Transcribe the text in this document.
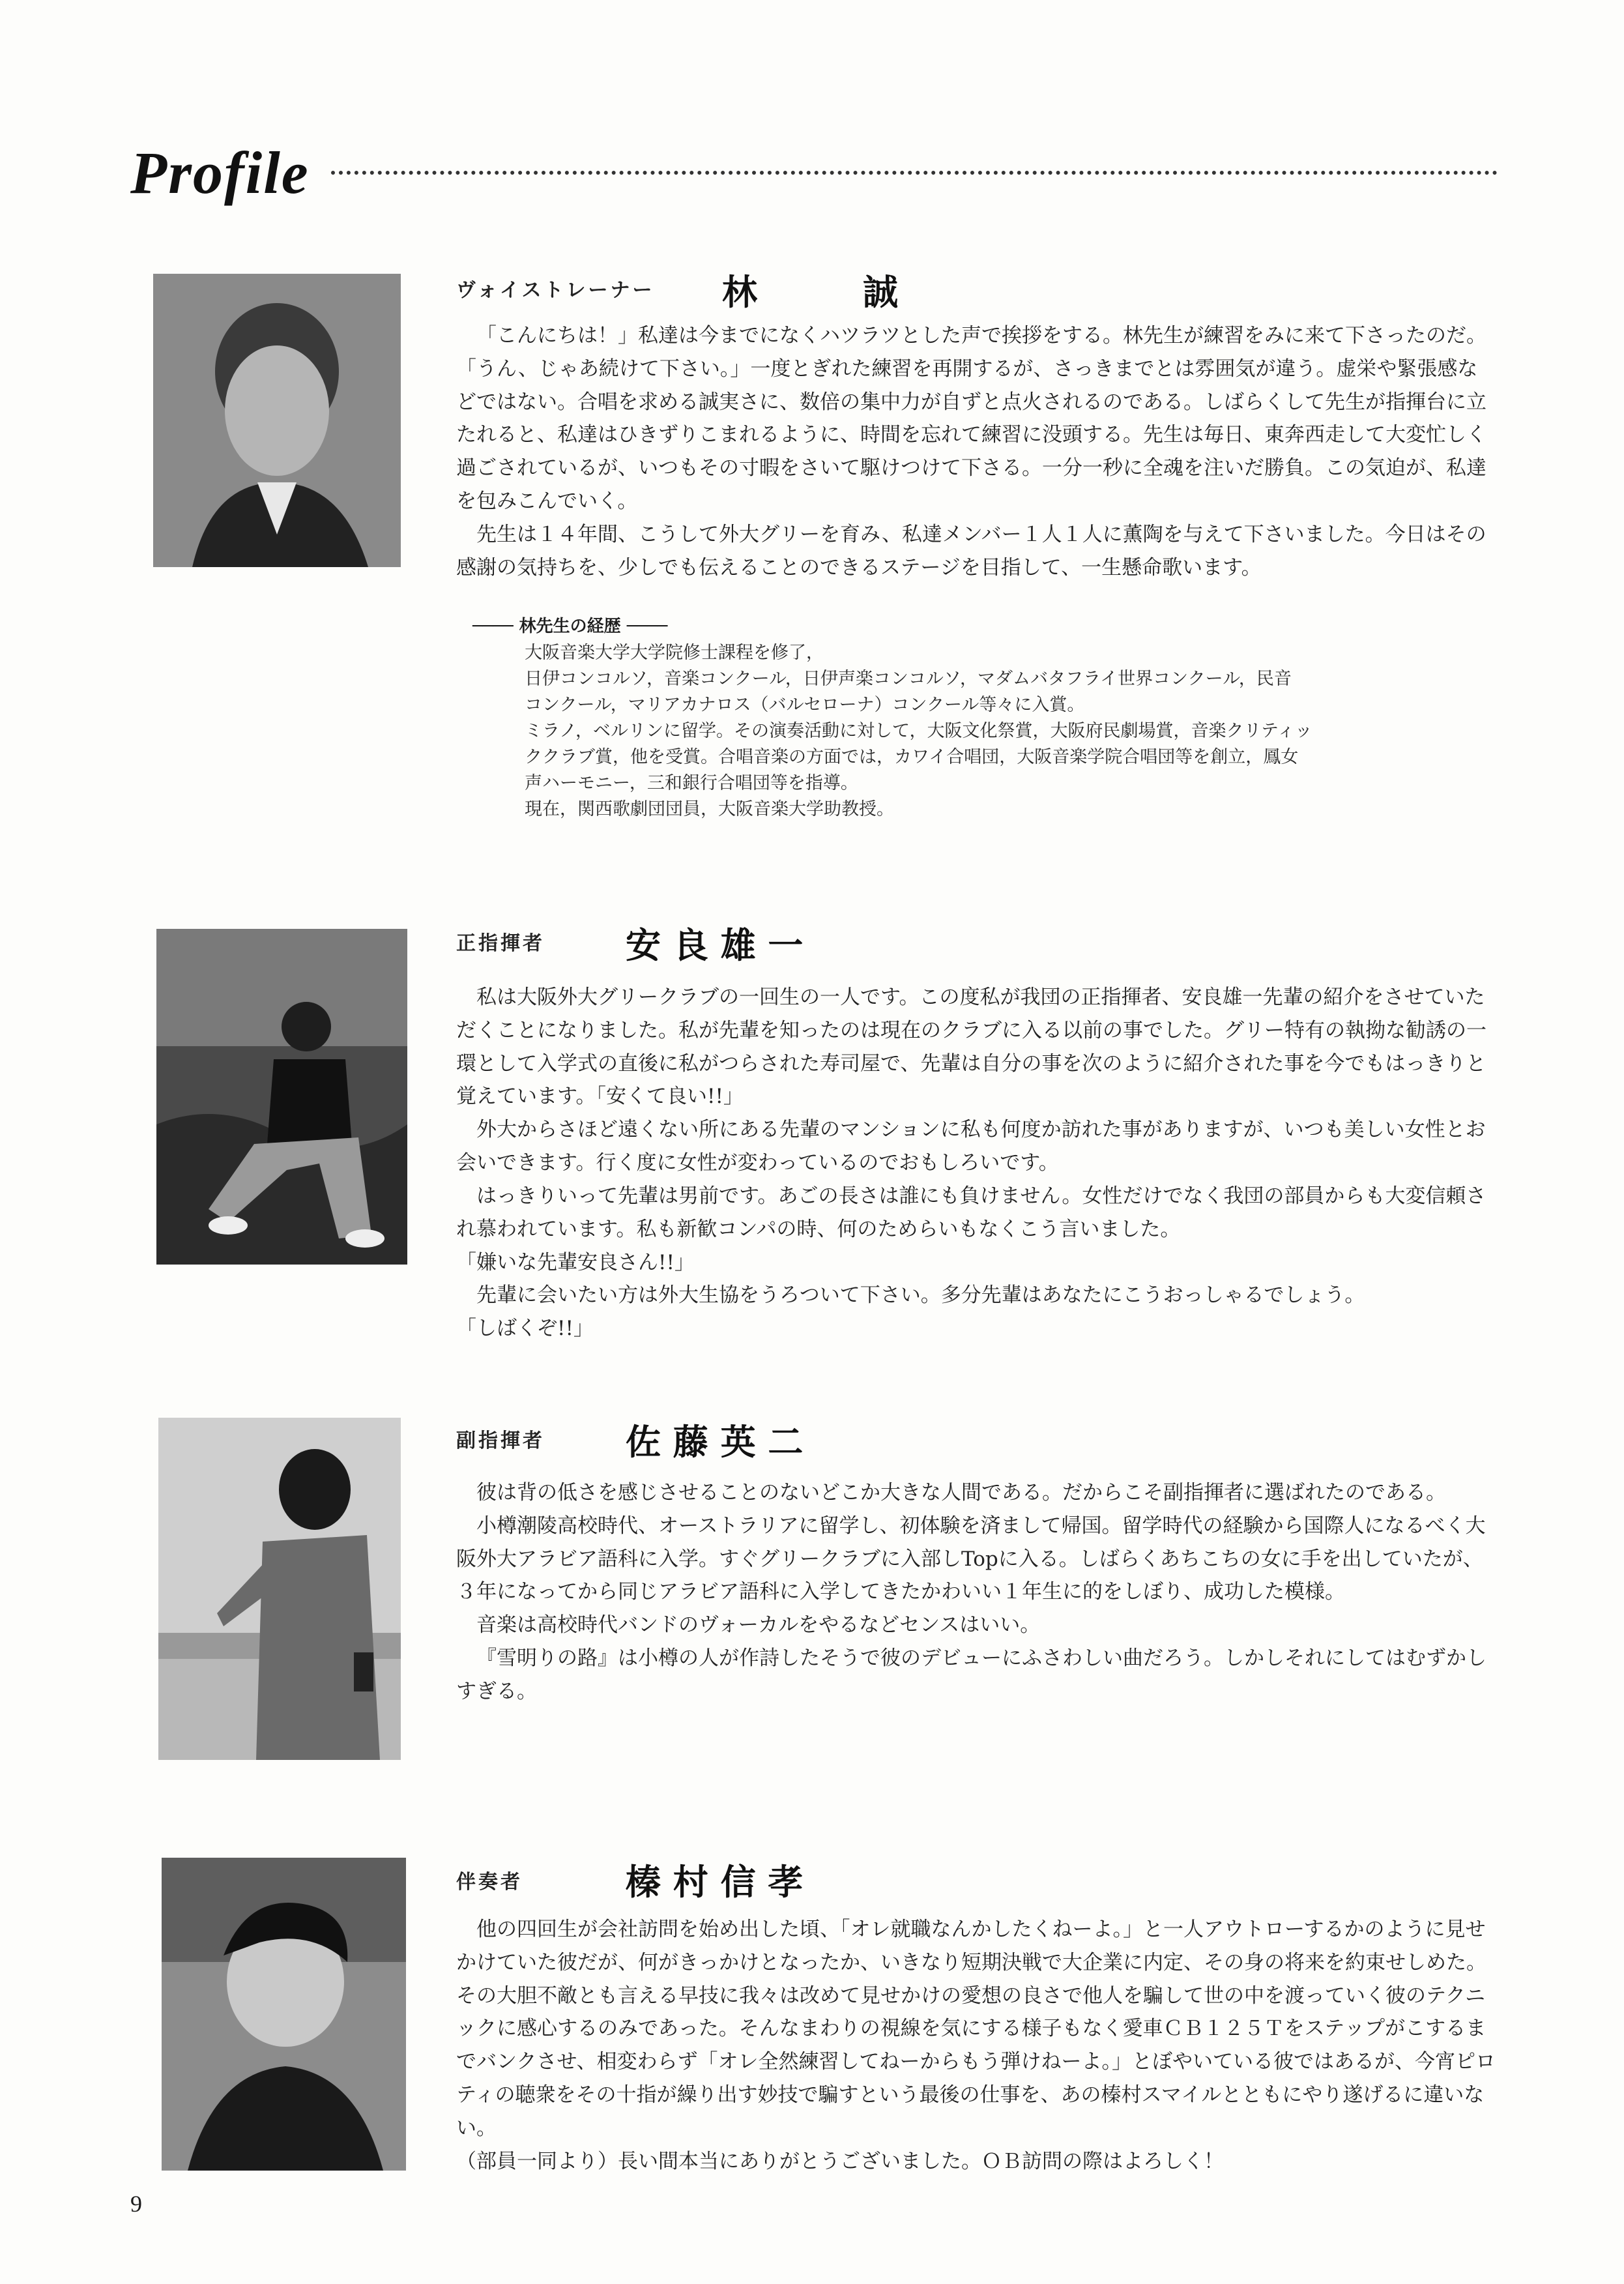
Profile
ヴォイストレーナー 林　　　誠

「こんにちは！」私達は今までになくハツラツとした声で挨拶をする。林先生が練習をみに来て下さったのだ。「うん、じゃあ続けて下さい。」一度とぎれた練習を再開するが、さっきまでとは雰囲気が違う。虚栄や緊張感などではない。合唱を求める誠実さに、数倍の集中力が自ずと点火されるのである。しばらくして先生が指揮台に立たれると、私達はひきずりこまれるように、時間を忘れて練習に没頭する。先生は毎日、東奔西走して大変忙しく過ごされているが、いつもその寸暇をさいて駆けつけて下さる。一分一秒に全魂を注いだ勝負。この気迫が、私達を包みこんでいく。

先生は１４年間、こうして外大グリーを育み、私達メンバー１人１人に薫陶を与えて下さいました。今日はその感謝の気持ちを、少しでも伝えることのできるステージを目指して、一生懸命歌います。

──── 林先生の経歴 ────
大阪音楽大学大学院修士課程を修了，
日伊コンコルソ，音楽コンクール，日伊声楽コンコルソ，マダムバタフライ世界コンクール，民音
コンクール，マリアカナロス（バルセローナ）コンクール等々に入賞。
ミラノ，ベルリンに留学。その演奏活動に対して，大阪文化祭賞，大阪府民劇場賞，音楽クリティッ
ククラブ賞，他を受賞。合唱音楽の方面では，カワイ合唱団，大阪音楽学院合唱団等を創立，鳳女
声ハーモニー，三和銀行合唱団等を指導。
現在，関西歌劇団団員，大阪音楽大学助教授。
正指揮者 安 良 雄 一

私は大阪外大グリークラブの一回生の一人です。この度私が我団の正指揮者、安良雄一先輩の紹介をさせていただくことになりました。私が先輩を知ったのは現在のクラブに入る以前の事でした。グリー特有の執拗な勧誘の一環として入学式の直後に私がつらされた寿司屋で、先輩は自分の事を次のように紹介された事を今でもはっきりと覚えています。「安くて良い!!」

外大からさほど遠くない所にある先輩のマンションに私も何度か訪れた事がありますが、いつも美しい女性とお会いできます。行く度に女性が変わっているのでおもしろいです。

はっきりいって先輩は男前です。あごの長さは誰にも負けません。女性だけでなく我団の部員からも大変信頼され慕われています。私も新歓コンパの時、何のためらいもなくこう言いました。

「嫌いな先輩安良さん!!」

先輩に会いたい方は外大生協をうろついて下さい。多分先輩はあなたにこうおっしゃるでしょう。

「しばくぞ!!」

副指揮者 佐 藤 英 二

彼は背の低さを感じさせることのないどこか大きな人間である。だからこそ副指揮者に選ばれたのである。

小樽潮陵高校時代、オーストラリアに留学し、初体験を済まして帰国。留学時代の経験から国際人になるべく大阪外大アラビア語科に入学。すぐグリークラブに入部しTopに入る。しばらくあちこちの女に手を出していたが、３年になってから同じアラビア語科に入学してきたかわいい１年生に的をしぼり、成功した模様。

音楽は高校時代バンドのヴォーカルをやるなどセンスはいい。

『雪明りの路』は小樽の人が作詩したそうで彼のデビューにふさわしい曲だろう。しかしそれにしてはむずかしすぎる。

伴奏者	榛 村 信 孝

他の四回生が会社訪問を始め出した頃、「オレ就職なんかしたくねーよ。」と一人アウトローするかのように見せかけていた彼だが、何がきっかけとなったか、いきなり短期決戦で大企業に内定、その身の将来を約束せしめた。その大胆不敵とも言える早技に我々は改めて見せかけの愛想の良さで他人を騙して世の中を渡っていく彼のテクニックに感心するのみであった。そんなまわりの視線を気にする様子もなく愛車ＣＢ１２５Ｔをステップがこするまでバンクさせ、相変わらず「オレ全然練習してねーからもう弾けねーよ。」とぼやいている彼ではあるが、今宵ピロティの聴衆をその十指が繰り出す妙技で騙すという最後の仕事を、あの榛村スマイルとともにやり遂げるに違いない。

（部員一同より）長い間本当にありがとうございました。ＯＢ訪問の際はよろしく！

9
